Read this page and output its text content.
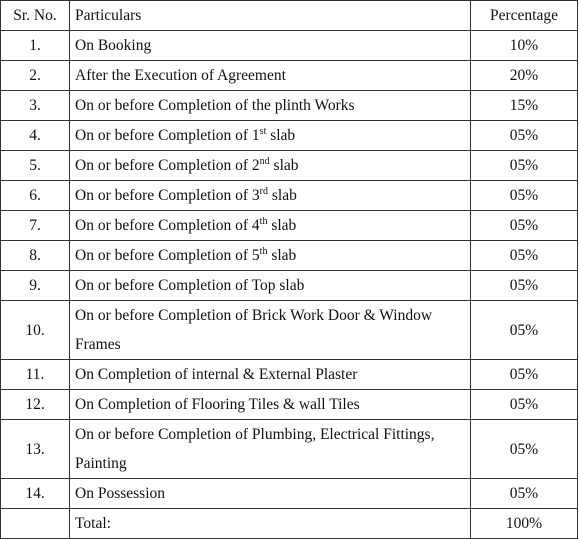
Sr. No.	Particulars	Percentage
1.	On Booking	10%
2.	After the Execution of Agreement	20%
3.	On or before Completion of the plinth Works	15%
4.	On or before Completion of 1st slab	05%
5.	On or before Completion of 2nd slab	05%
6.	On or before Completion of 3rd slab	05%
7.	On or before Completion of 4th slab	05%
8.	On or before Completion of 5th slab	05%
9.	On or before Completion of Top slab	05%
10.	On or before Completion of Brick Work Door & Window Frames	05%
11.	On Completion of internal & External Plaster	05%
12.	On Completion of Flooring Tiles & wall Tiles	05%
13.	On or before Completion of Plumbing, Electrical Fittings, Painting	05%
14.	On Possession	05%
	Total:	100%
